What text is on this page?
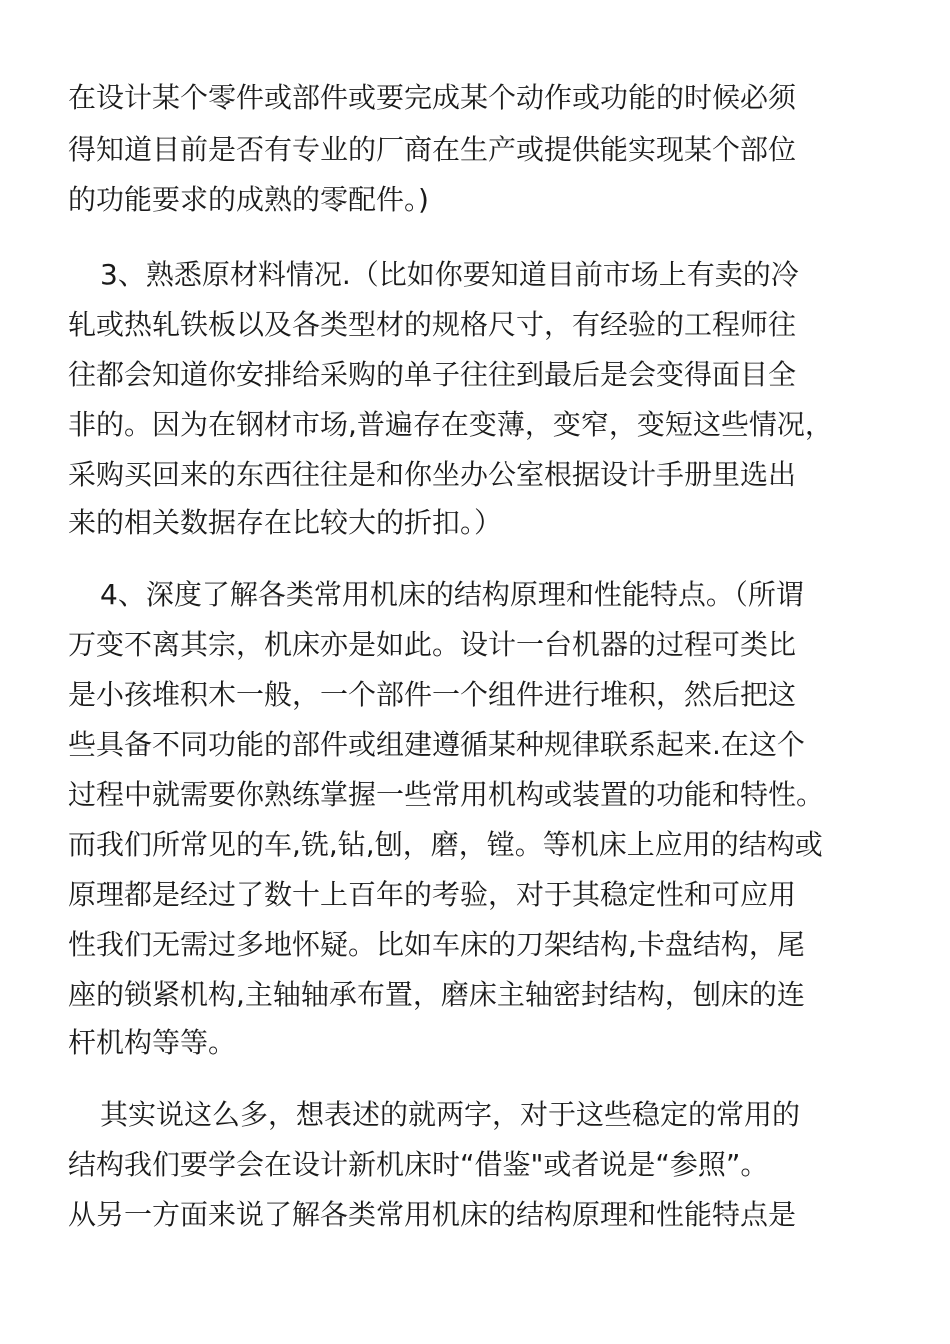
在设计某个零件或部件或要完成某个动作或功能的时候必须

得知道目前是否有专业的厂商在生产或提供能实现某个部位

的功能要求的成熟的零配件。)

3、熟悉原材料情况.（比如你要知道目前市场上有卖的冷

轧或热轧铁板以及各类型材的规格尺寸，有经验的工程师往

往都会知道你安排给采购的单子往往到最后是会变得面目全

非的。因为在钢材市场,普遍存在变薄，变窄，变短这些情况，

采购买回来的东西往往是和你坐办公室根据设计手册里选出

来的相关数据存在比较大的折扣。）

4、深度了解各类常用机床的结构原理和性能特点。（所谓

万变不离其宗，机床亦是如此。设计一台机器的过程可类比

是小孩堆积木一般，一个部件一个组件进行堆积，然后把这

些具备不同功能的部件或组建遵循某种规律联系起来.在这个

过程中就需要你熟练掌握一些常用机构或装置的功能和特性。

而我们所常见的车,铣,钻,刨，磨，镗。等机床上应用的结构或

原理都是经过了数十上百年的考验，对于其稳定性和可应用

性我们无需过多地怀疑。比如车床的刀架结构,卡盘结构，尾

座的锁紧机构,主轴轴承布置，磨床主轴密封结构，刨床的连

杆机构等等。

其实说这么多，想表述的就两字，对于这些稳定的常用的

结构我们要学会在设计新机床时“借鉴"或者说是“参照”。

从另一方面来说了解各类常用机床的结构原理和性能特点是
